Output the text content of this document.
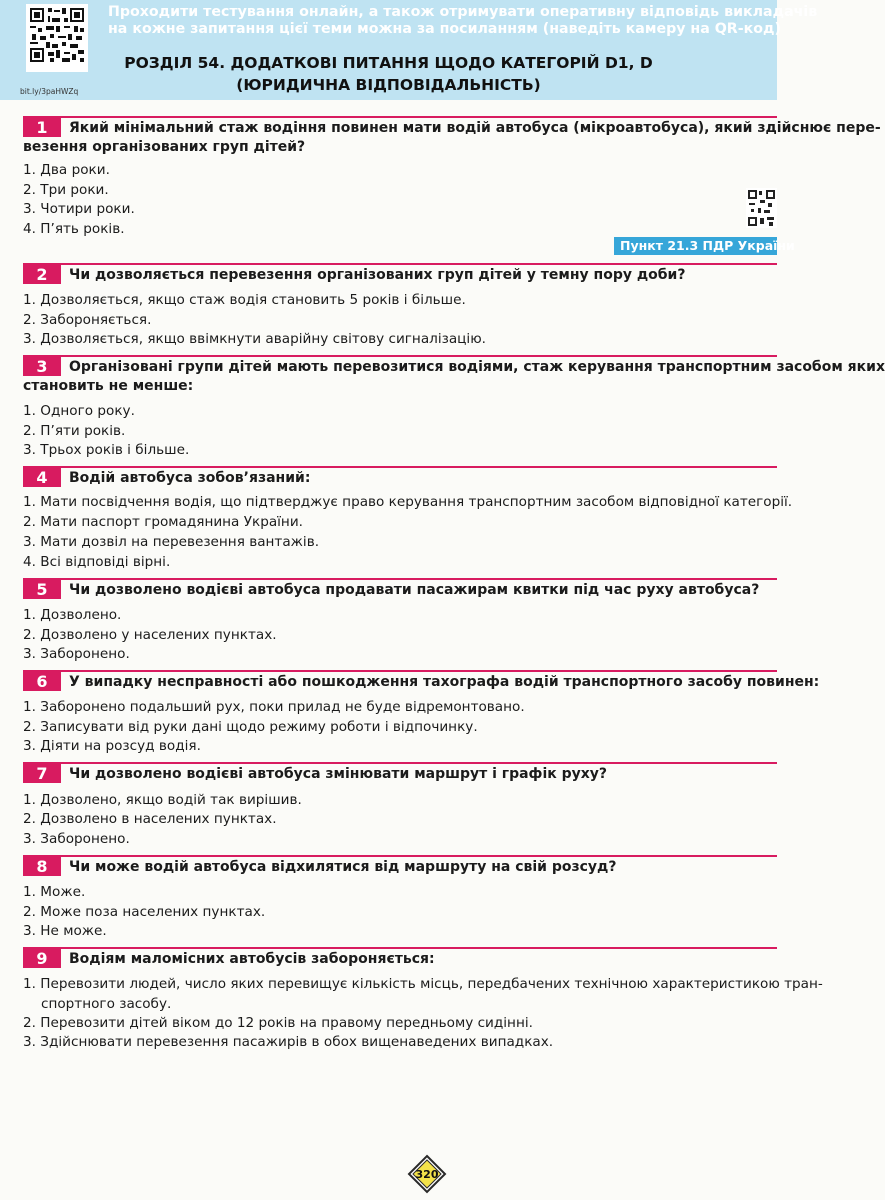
bit.ly/3paHWZq
Проходити тестування онлайн, а також отримувати оперативну відповідь викладачів
на кожне запитання цієї теми можна за посиланням (наведіть камеру на QR-код)
РОЗДІЛ 54. ДОДАТКОВІ ПИТАННЯ ЩОДО КАТЕГОРІЙ D1, D
(ЮРИДИЧНА ВІДПОВІДАЛЬНІСТЬ)
1	Який мінімальний стаж водіння повинен мати водій автобуса (мікроавтобуса), який здійснює пере-
везення організованих груп дітей?
1. Два роки.
2. Три роки.
3. Чотири роки.
4. П’ять років.
Пункт 21.3 ПДР України
2	Чи дозволяється перевезення організованих груп дітей у темну пору доби?
1. Дозволяється, якщо стаж водія становить 5 років і більше.
2. Забороняється.
3. Дозволяється, якщо ввімкнути аварійну світову сигналізацію.
3	Організовані групи дітей мають перевозитися водіями, стаж керування транспортним засобом яких
становить не менше:
1. Одного року.
2. П’яти років.
3. Трьох років і більше.
4	Водій автобуса зобов’язаний:
1. Мати посвідчення водія, що підтверджує право керування транспортним засобом відповідної категорії.
2. Мати паспорт громадянина України.
3. Мати дозвіл на перевезення вантажів.
4. Всі відповіді вірні.
5	Чи дозволено водієві автобуса продавати пасажирам квитки під час руху автобуса?
1. Дозволено.
2. Дозволено у населених пунктах.
3. Заборонено.
6	У випадку несправності або пошкодження тахографа водій транспортного засобу повинен:
1. Заборонено подальший рух, поки прилад не буде відремонтовано.
2. Записувати від руки дані щодо режиму роботи і відпочинку.
3. Діяти на розсуд водія.
7	Чи дозволено водієві автобуса змінювати маршрут і графік руху?
1. Дозволено, якщо водій так вирішив.
2. Дозволено в населених пунктах.
3. Заборонено.
8	Чи може водій автобуса відхилятися від маршруту на свій розсуд?
1. Може.
2. Може поза населених пунктах.
3. Не може.
9	Водіям маломісних автобусів забороняється:
1. Перевозити людей, число яких перевищує кількість місць, передбачених технічною характеристикою тран-
спортного засобу.
2. Перевозити дітей віком до 12 років на правому передньому сидінні.
3. Здійснювати перевезення пасажирів в обох вищенаведених випадках.
320
